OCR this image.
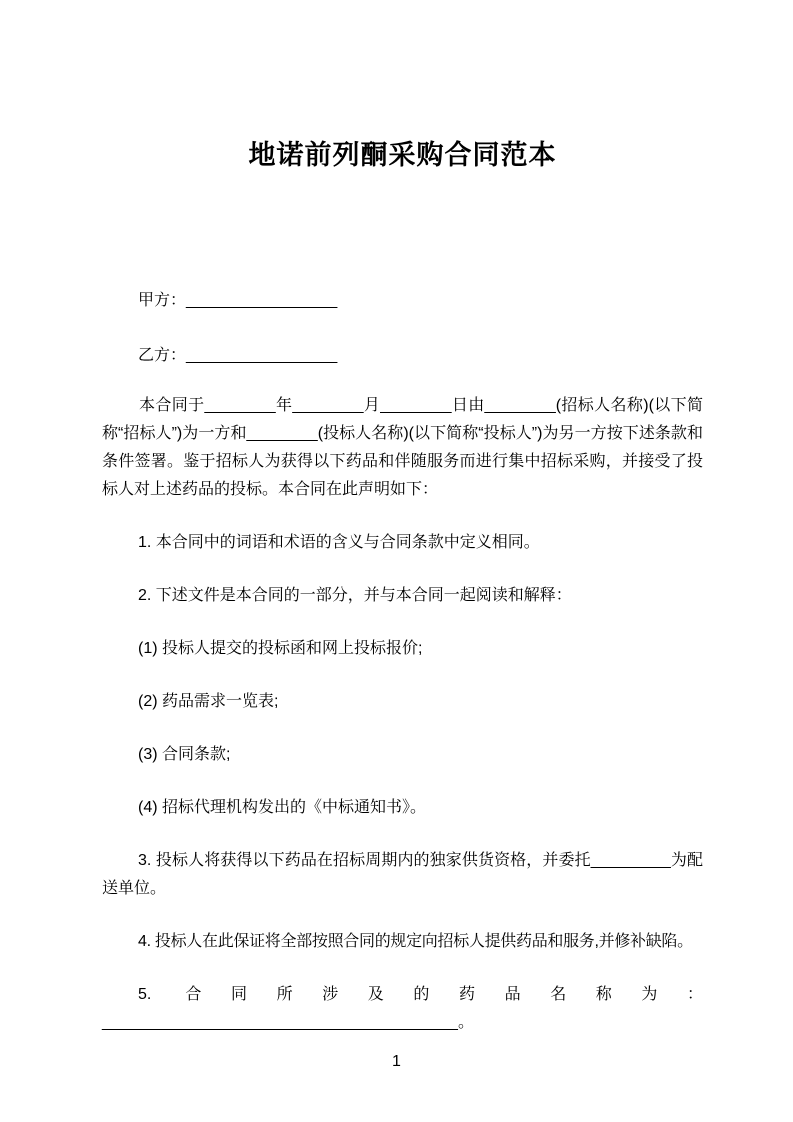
地诺前列酮采购合同范本

甲方：_________________

乙方：_________________

本合同于________年________月________日由________(招标人名称)(以下简称“招标人”)为一方和________(投标人名称)(以下简称“投标人”)为另一方按下述条款和条件签署。鉴于招标人为获得以下药品和伴随服务而进行集中招标采购，并接受了投标人对上述药品的投标。本合同在此声明如下：

1. 本合同中的词语和术语的含义与合同条款中定义相同。

2. 下述文件是本合同的一部分，并与本合同一起阅读和解释：

(1) 投标人提交的投标函和网上投标报价;

(2) 药品需求一览表;

(3) 合同条款;

(4) 招标代理机构发出的《中标通知书》。

3. 投标人将获得以下药品在招标周期内的独家供货资格，并委托_________为配送单位。

4. 投标人在此保证将全部按照合同的规定向招标人提供药品和服务,并修补缺陷。

5. 合同所涉及的药品名称为：________________________________________。

1
